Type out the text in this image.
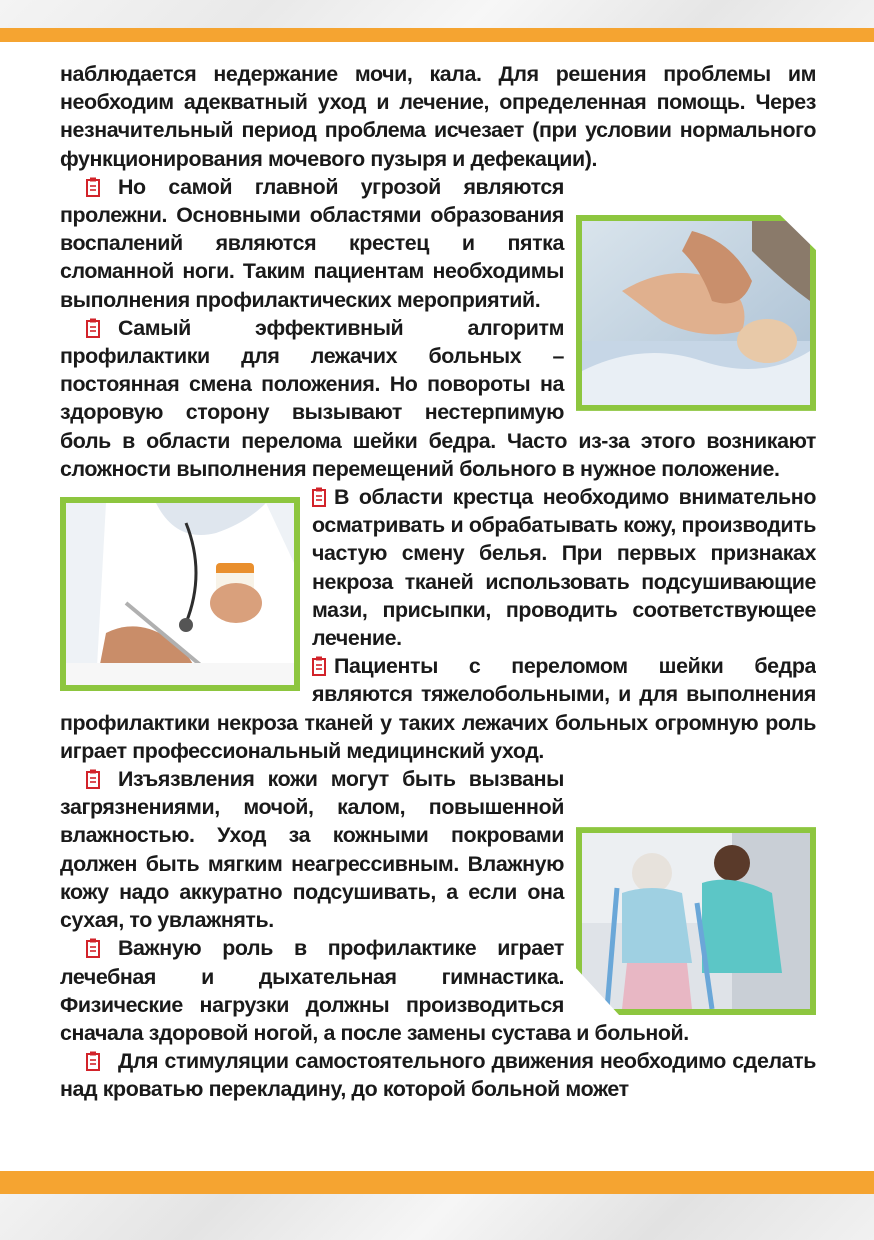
наблюдается недержание мочи, кала. Для решения проблемы им необходим адекватный уход и лечение, определенная помощь. Через незначительный период проблема исчезает (при условии нормального функционирования мочевого пузыря и дефекации).

Но самой главной угрозой являются пролежни. Основными областями образования воспалений являются крестец и пятка сломанной ноги. Таким пациентам необходимы выполнения профилактических мероприятий.

Самый эффективный алгоритм профилактики для лежачих больных – постоянная смена положения. Но повороты на здоровую сторону вызывают нестерпимую боль в области перелома шейки бедра. Часто из-за этого возникают сложности выполнения перемещений больного в нужное положение.

В области крестца необходимо внимательно осматривать и обрабатывать кожу, производить частую смену белья. При первых признаках некроза тканей использовать подсушивающие мази, присыпки, проводить соответствующее лечение.

Пациенты с переломом шейки бедра являются тяжелобольными, и для выполнения профилактики некроза тканей у таких лежачих больных огромную роль играет профессиональный медицинский уход.

Изъязвления кожи могут быть вызваны загрязнениями, мочой, калом, повышенной влажностью. Уход за кожными покровами должен быть мягким неагрессивным. Влажную кожу надо аккуратно подсушивать, а если она сухая, то увлажнять.

Важную роль в профилактике играет лечебная и дыхательная гимнастика. Физические нагрузки должны производиться сначала здоровой ногой, а после замены сустава и больной.

Для стимуляции самостоятельного движения необходимо сделать над кроватью перекладину, до которой больной может
